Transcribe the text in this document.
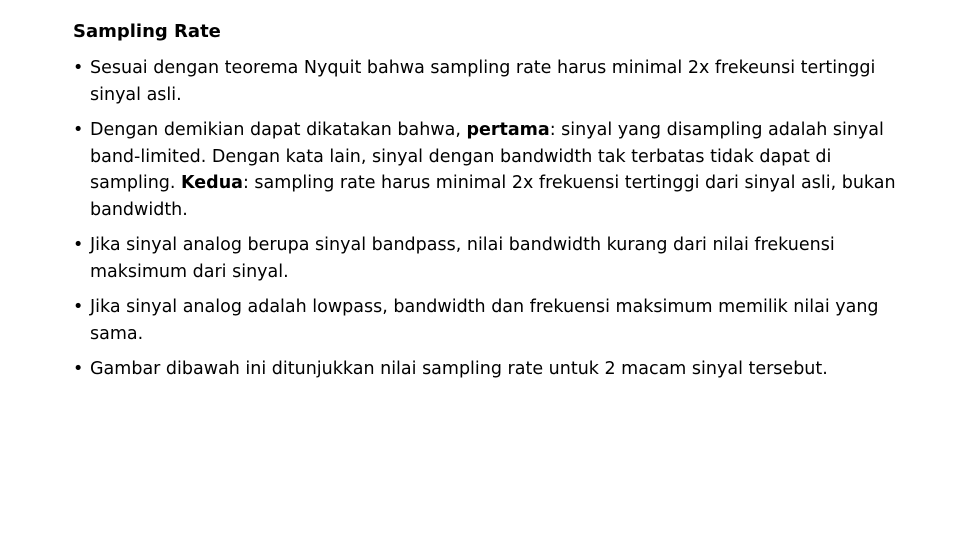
Sampling Rate
• Sesuai dengan teorema Nyquit bahwa sampling rate harus minimal 2x frekeunsi tertinggi sinyal asli.
• Dengan demikian dapat dikatakan bahwa, pertama: sinyal yang disampling adalah sinyal band-limited. Dengan kata lain, sinyal dengan bandwidth tak terbatas tidak dapat di sampling. Kedua: sampling rate harus minimal 2x frekuensi tertinggi dari sinyal asli, bukan bandwidth.
• Jika sinyal analog berupa sinyal bandpass, nilai bandwidth kurang dari nilai frekuensi maksimum dari sinyal.
• Jika sinyal analog adalah lowpass, bandwidth dan frekuensi maksimum memilik nilai yang sama.
• Gambar dibawah ini ditunjukkan nilai sampling rate untuk 2 macam sinyal tersebut.
